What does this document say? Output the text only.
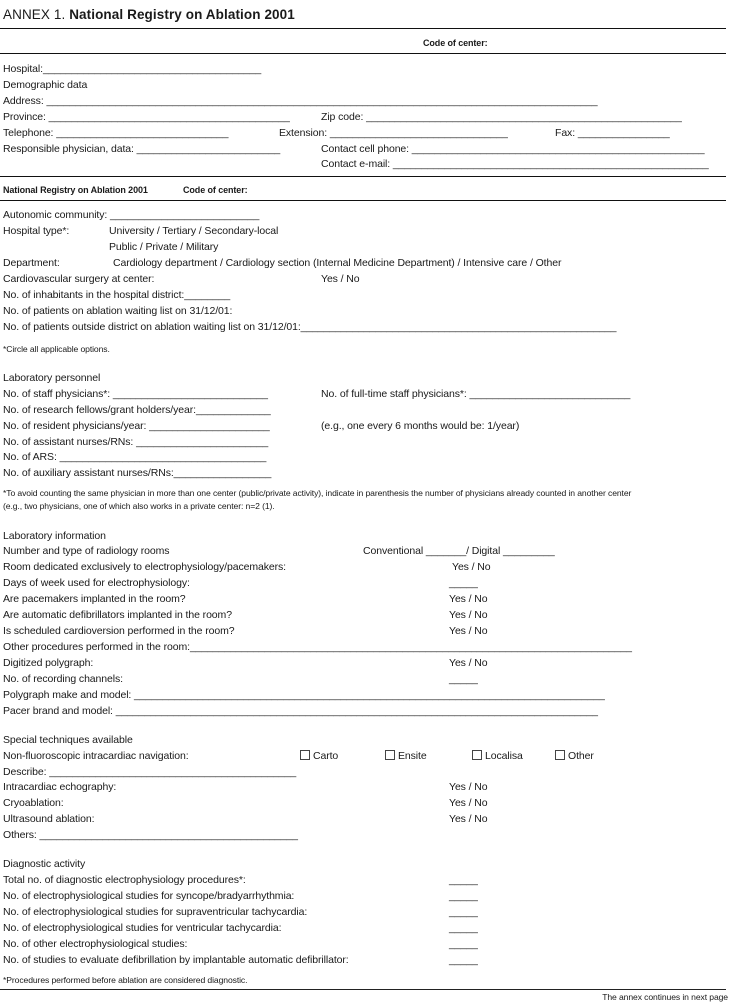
ANNEX 1. National Registry on Ablation 2001
Code of center:
Hospital:______________________________________
Demographic data
Address: ________________________________________________________________________________________________
Province: __________________________________________	Zip code: _______________________________________________________
Telephone: ______________________________	Extension: _______________________________	Fax: ________________
Responsible physician, data: _________________________	Contact cell phone: ___________________________________________________
Contact e-mail: _______________________________________________________
National Registry on Ablation 2001	Code of center:
Autonomic community: __________________________
Hospital type*:	University / Tertiary / Secondary-local
Public / Private / Military
Department:	Cardiology department / Cardiology section (Internal Medicine Department) / Intensive care / Other
Cardiovascular surgery at center:	Yes / No
No. of inhabitants in the hospital district:________
No. of patients on ablation waiting list on 31/12/01:
No. of patients outside district on ablation waiting list on 31/12/01:_______________________________________________________
*Circle all applicable options.
Laboratory personnel
No. of staff physicians*: ___________________________	No. of full-time staff physicians*: ____________________________
No. of research fellows/grant holders/year:_____________
No. of resident physicians/year: _____________________	(e.g., one every 6 months would be: 1/year)
No. of assistant nurses/RNs: _______________________
No. of ARS: ____________________________________
No. of auxiliary assistant nurses/RNs:_________________
*To avoid counting the same physician in more than one center (public/private activity), indicate in parenthesis the number of physicians already counted in another center
(e.g., two physicians, one of which also works in a private center: n=2 (1).
Laboratory information
Number and type of radiology rooms	Conventional _______/ Digital _________
Room dedicated exclusively to electrophysiology/pacemakers:	Yes / No
Days of week used for electrophysiology:	_____
Are pacemakers implanted in the room?	Yes / No
Are automatic defibrillators implanted in the room?	Yes / No
Is scheduled cardioversion performed in the room?	Yes / No
Other procedures performed in the room:_____________________________________________________________________________
Digitized polygraph:	Yes / No
No. of recording channels:	_____
Polygraph make and model: __________________________________________________________________________________
Pacer brand and model: ____________________________________________________________________________________
Special techniques available
Non-fluoroscopic intracardiac navigation:	Carto	Ensite	Localisa	Other
Describe: ___________________________________________
Intracardiac echography:	Yes / No
Cryoablation:	Yes / No
Ultrasound ablation:	Yes / No
Others: _____________________________________________
Diagnostic activity
Total no. of diagnostic electrophysiology procedures*:	_____
No. of electrophysiological studies for syncope/bradyarrhythmia:	_____
No. of electrophysiological studies for supraventricular tachycardia:	_____
No. of electrophysiological studies for ventricular tachycardia:	_____
No. of other electrophysiological studies:	_____
No. of studies to evaluate defibrillation by implantable automatic defibrillator:	_____
*Procedures performed before ablation are considered diagnostic.
The annex continues in next page
